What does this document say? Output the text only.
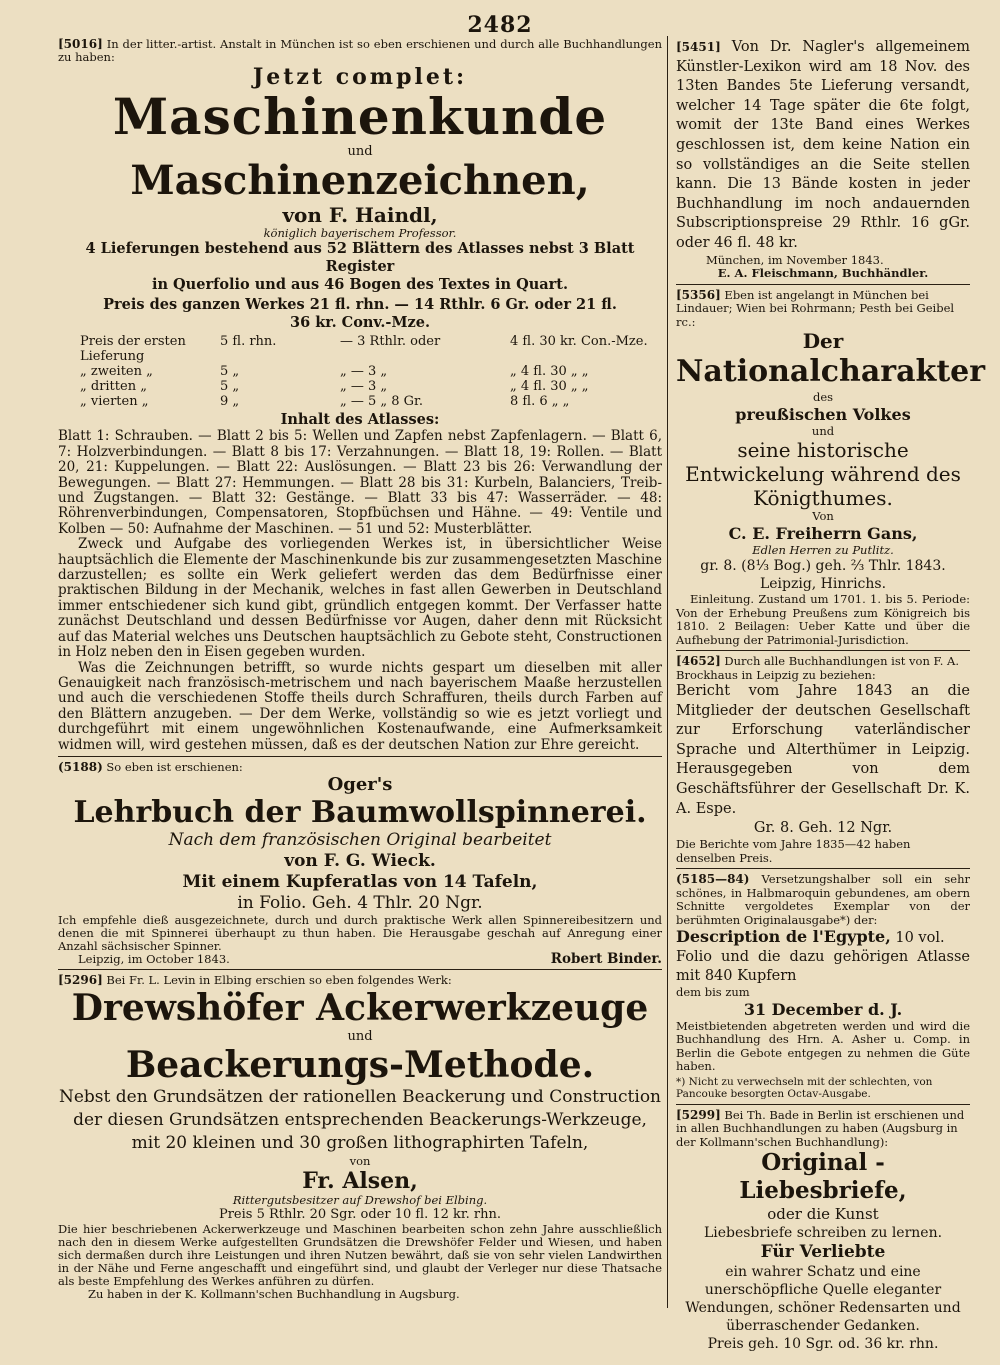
2482
[5016] In der litter.-artist. Anstalt in München ist so eben erschienen und durch alle Buchhandlungen zu haben:
Jetzt complet:
Maschinenkunde
und
Maschinenzeichnen,
von F. Haindl,
königlich bayerischem Professor.
4 Lieferungen bestehend aus 52 Blättern des Atlasses nebst 3 Blatt Register
in Querfolio und aus 46 Bogen des Textes in Quart.
Preis des ganzen Werkes 21 fl. rhn. — 14 Rthlr. 6 Gr. oder 21 fl.
36 kr. Conv.-Mze.
Preis der ersten Lieferung
5 fl. rhn.	— 3 Rthlr. oder	4 fl. 30 kr. Con.-Mze.
„ zweiten „	5 „	„ — 3 „	„ 4 fl. 30 „ „
„ dritten „	5 „	„ — 3 „	„ 4 fl. 30 „ „
„ vierten „	9 „	„ — 5 „ 8 Gr.	8 fl. 6 „ „
Inhalt des Atlasses:
Blatt 1: Schrauben. — Blatt 2 bis 5: Wellen und Zapfen nebst Zapfenlagern. — Blatt 6, 7: Holzverbindungen. — Blatt 8 bis 17: Verzahnungen. — Blatt 18, 19: Rollen. — Blatt 20, 21: Kuppelungen. — Blatt 22: Auslösungen. — Blatt 23 bis 26: Verwandlung der Bewegungen. — Blatt 27: Hemmungen. — Blatt 28 bis 31: Kurbeln, Balanciers, Treib- und Zugstangen. — Blatt 32: Gestänge. — Blatt 33 bis 47: Wasserräder. — 48: Röhrenverbindungen, Compensatoren, Stopfbüchsen und Hähne. — 49: Ventile und Kolben — 50: Aufnahme der Maschinen. — 51 und 52: Musterblätter.
Zweck und Aufgabe des vorliegenden Werkes ist, in übersichtlicher Weise hauptsächlich die Elemente der Maschinenkunde bis zur zusammengesetzten Maschine darzustellen; es sollte ein Werk geliefert werden das dem Bedürfnisse einer praktischen Bildung in der Mechanik, welches in fast allen Gewerben in Deutschland immer entschiedener sich kund gibt, gründlich entgegen kommt. Der Verfasser hatte zunächst Deutschland und dessen Bedürfnisse vor Augen, daher denn mit Rücksicht auf das Material welches uns Deutschen hauptsächlich zu Gebote steht, Constructionen in Holz neben den in Eisen gegeben wurden.
Was die Zeichnungen betrifft, so wurde nichts gespart um dieselben mit aller Genauigkeit nach französisch-metrischem und nach bayerischem Maaße herzustellen und auch die verschiedenen Stoffe theils durch Schraffuren, theils durch Farben auf den Blättern anzugeben. — Der dem Werke, vollständig so wie es jetzt vorliegt und durchgeführt mit einem ungewöhnlichen Kostenaufwande, eine Aufmerksamkeit widmen will, wird gestehen müssen, daß es der deutschen Nation zur Ehre gereicht.
(5188) So eben ist erschienen:
Oger's
Lehrbuch der Baumwollspinnerei.
Nach dem französischen Original bearbeitet
von F. G. Wieck.
Mit einem Kupferatlas von 14 Tafeln,
in Folio. Geh. 4 Thlr. 20 Ngr.
Ich empfehle dieß ausgezeichnete, durch und durch praktische Werk allen Spinnereibesitzern und denen die mit Spinnerei überhaupt zu thun haben. Die Herausgabe geschah auf Anregung einer Anzahl sächsischer Spinner.
Leipzig, im October 1843.	Robert Binder.
[5296] Bei Fr. L. Levin in Elbing erschien so eben folgendes Werk:
Drewshöfer Ackerwerkzeuge
und
Beackerungs-Methode.
Nebst den Grundsätzen der rationellen Beackerung und Construction der diesen Grundsätzen entsprechenden Beackerungs-Werkzeuge, mit 20 kleinen und 30 großen lithographirten Tafeln,
von
Fr. Alsen,
Rittergutsbesitzer auf Drewshof bei Elbing.
Preis 5 Rthlr. 20 Sgr. oder 10 fl. 12 kr. rhn.
Die hier beschriebenen Ackerwerkzeuge und Maschinen bearbeiten schon zehn Jahre ausschließlich nach den in diesem Werke aufgestellten Grundsätzen die Drewshöfer Felder und Wiesen, und haben sich dermaßen durch ihre Leistungen und ihren Nutzen bewährt, daß sie von sehr vielen Landwirthen in der Nähe und Ferne angeschafft und eingeführt sind, und glaubt der Verleger nur diese Thatsache als beste Empfehlung des Werkes anführen zu dürfen.
Zu haben in der K. Kollmann'schen Buchhandlung in Augsburg.
[5451] Von Dr. Nagler's allgemeinem Künstler-Lexikon wird am 18 Nov. des 13ten Bandes 5te Lieferung versandt, welcher 14 Tage später die 6te folgt, womit der 13te Band eines Werkes geschlossen ist, dem keine Nation ein so vollständiges an die Seite stellen kann. Die 13 Bände kosten in jeder Buchhandlung im noch andauernden Subscriptionspreise 29 Rthlr. 16 gGr. oder 46 fl. 48 kr.
München, im November 1843.
E. A. Fleischmann, Buchhändler.
[5356] Eben ist angelangt in München bei Lindauer; Wien bei Rohrmann; Pesth bei Geibel rc.:
Der
Nationalcharakter
des
preußischen Volkes
und
seine historische Entwickelung während des Königthumes.
Von
C. E. Freiherrn Gans,
Edlen Herren zu Putlitz.
gr. 8. (8⅓ Bog.) geh. ⅔ Thlr. 1843.
Leipzig, Hinrichs.
Einleitung. Zustand um 1701. 1. bis 5. Periode: Von der Erhebung Preußens zum Königreich bis 1810. 2 Beilagen: Ueber Katte und über die Aufhebung der Patrimonial-Jurisdiction.
[4652] Durch alle Buchhandlungen ist von F. A. Brockhaus in Leipzig zu beziehen:
Bericht vom Jahre 1843 an die Mitglieder der deutschen Gesellschaft zur Erforschung vaterländischer Sprache und Alterthümer in Leipzig. Herausgegeben von dem Geschäftsführer der Gesellschaft Dr. K. A. Espe.
Gr. 8. Geh. 12 Ngr.
Die Berichte vom Jahre 1835—42 haben denselben Preis.
(5185—84) Versetzungshalber soll ein sehr schönes, in Halbmaroquin gebundenes, am obern Schnitte vergoldetes Exemplar von der berühmten Originalausgabe*) der:
Description de l'Egypte, 10 vol.
Folio und die dazu gehörigen Atlasse mit 840 Kupfern
dem bis zum
31 December d. J.
Meistbietenden abgetreten werden und wird die Buchhandlung des Hrn. A. Asher u. Comp. in Berlin die Gebote entgegen zu nehmen die Güte haben.
*) Nicht zu verwechseln mit der schlechten, von Pancouke besorgten Octav-Ausgabe.
[5299] Bei Th. Bade in Berlin ist erschienen und in allen Buchhandlungen zu haben (Augsburg in der Kollmann'schen Buchhandlung):
Original - Liebesbriefe,
oder die Kunst
Liebesbriefe schreiben zu lernen.
Für Verliebte
ein wahrer Schatz und eine unerschöpfliche Quelle eleganter Wendungen, schöner Redensarten und überraschender Gedanken.
Preis geh. 10 Sgr. od. 36 kr. rhn.
